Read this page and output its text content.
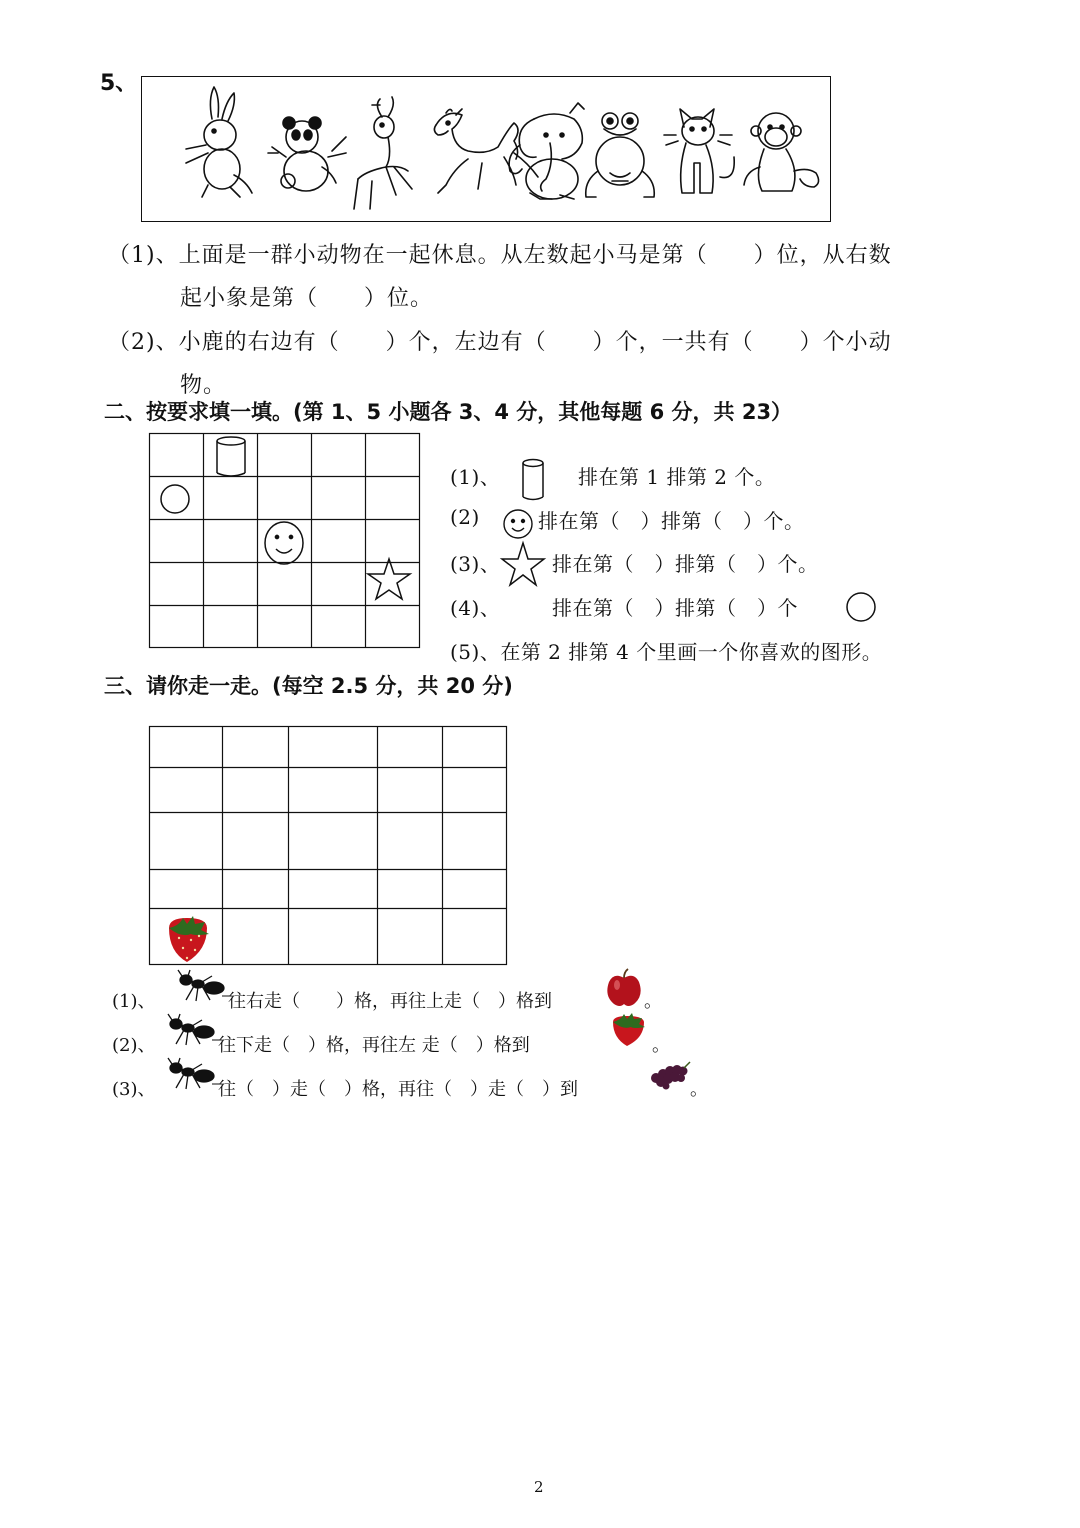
5、
（1)、上面是一群小动物在一起休息。从左数起小马是第（　　）位，从右数
起小象是第（　　）位。
（2)、小鹿的右边有（　　）个，左边有（　　）个，一共有（　　）个小动
物。
二、按要求填一填。(第 1、5 小题各 3、4 分，其他每题 6 分，共 23）
(1)、	排在第 1 排第 2 个。
(2)	排在第（　）排第（　）个。
(3)、	排在第（　）排第（　）个。
(4)、	排在第（　）排第（　）个
(5)、在第 2 排第 4 个里画一个你喜欢的图形。
三、请你走一走。(每空 2.5 分，共 20 分)
(1)、	往右走（　　）格，再往上走（　）格到	。
(2)、	往下走（　）格，再往左 走（　）格到	。
(3)、	往（　）走（　）格，再往（　）走（　）到	。
2
